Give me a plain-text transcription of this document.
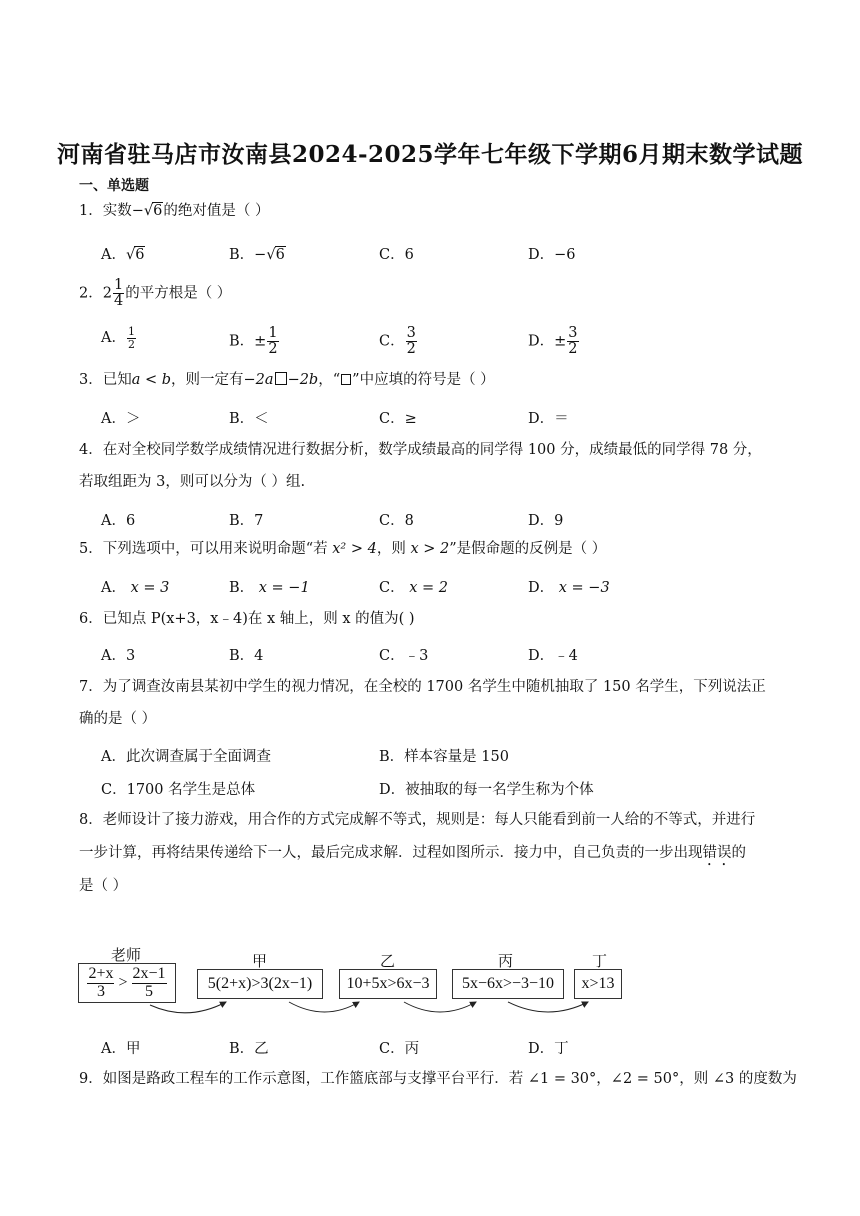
河南省驻马店市汝南县2024-2025学年七年级下学期6月期末数学试题
一、单选题
1．实数−√6的绝对值是（ ）
A．√6	B．−√6	C．6	D．−6
2．$2 \frac{1}{4}$ 的平方根是（ ）
A． $\frac{1}{2}$	B．± $\frac{1}{2}$	C． $\frac{3}{2}$	D．± $\frac{3}{2}$
3．已知a < b，则一定有−2a −2b，“ ”中应填的符号是（ ）
A．＞	B．＜	C．≥	D．＝
4．在对全校同学数学成绩情况进行数据分析，数学成绩最高的同学得 100 分，成绩最低的同学得 78 分，
若取组距为 3，则可以分为（ ）组.
A．6	B．7	C．8	D．9
5．下列选项中，可以用来说明命题“若 x² > 4，则 x > 2”是假命题的反例是（ ）
A． x = 3	B． x = −1	C． x = 2	D． x = −3
6．已知点 P(x+3，x﹣4)在 x 轴上，则 x 的值为( )
A．3	B．4	C．﹣3	D．﹣4
7．为了调查汝南县某初中学生的视力情况，在全校的 1700 名学生中随机抽取了 150 名学生，下列说法正
确的是（ ）
A．此次调查属于全面调查	B．样本容量是 150
C．1700 名学生是总体	D．被抽取的每一名学生称为个体
8．老师设计了接力游戏，用合作的方式完成解不等式，规则是：每人只能看到前一人给的不等式，并进行
一步计算，再将结果传递给下一人，最后完成求解．过程如图所示．接力中，自己负责的一步出现错误的
是（ ）
老师	甲	乙	丙	丁
$\frac{2+x}{3} > \frac{2x-1}{5}$	5(2+x)>3(2x−1)	10+5x>6x−3	5x−6x>−3−10	x>13
A．甲	B．乙	C．丙	D．丁
9．如图是路政工程车的工作示意图，工作篮底部与支撑平台平行．若 ∠1 = 30°，∠2 = 50°，则 ∠3 的度数为
